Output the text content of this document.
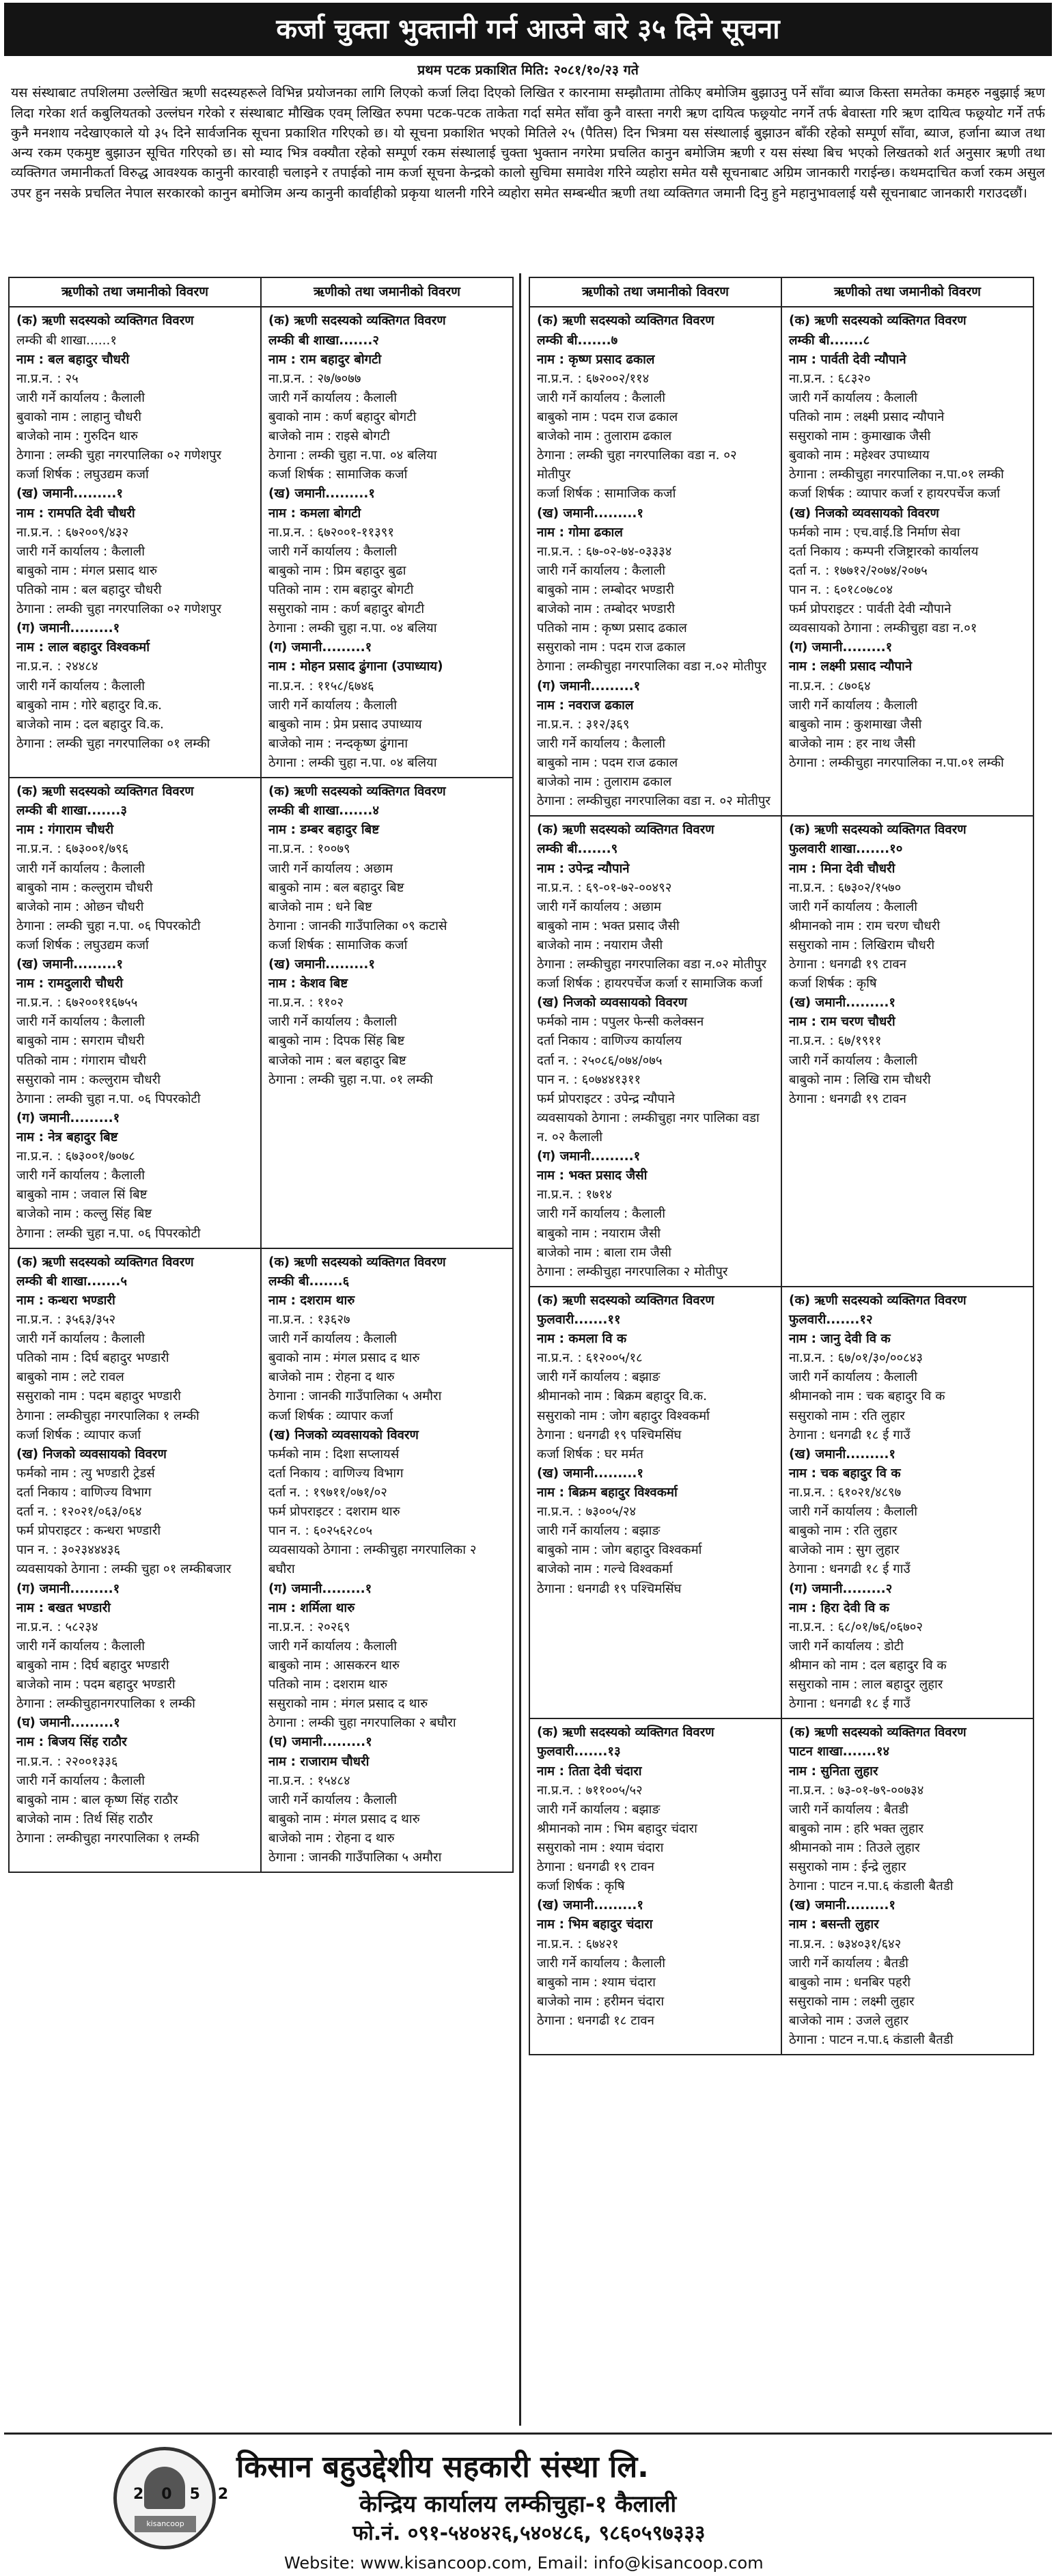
कर्जा चुक्ता भुक्तानी गर्न आउने बारे ३५ दिने सूचना
प्रथम पटक प्रकाशित मिति: २०८१/१०/२३ गते
यस संस्थाबाट तपशिलमा उल्लेखित ऋणी सदस्यहरूले विभिन्न प्रयोजनका लागि लिएको कर्जा लिदा दिएको लिखित र कारनामा सम्झौतामा तोकिए बमोजिम बुझाउनु पर्ने साँवा ब्याज किस्ता समतेका कमहरु नबुझाई ऋण लिदा गरेका शर्त कबुलियतको उल्लंघन गरेको र संस्थाबाट मौखिक एवम् लिखित रुपमा पटक-पटक ताकेता गर्दा समेत साँवा कुनै वास्ता नगरी ऋण दायित्व फछ्र्योट नगर्ने तर्फ बेवास्ता गरि ऋण दायित्व फछ्र्योट गर्ने तर्फ कुनै मनशाय नदेखाएकाले यो ३५ दिने सार्वजनिक सूचना प्रकाशित गरिएको छ। यो सूचना प्रकाशित भएको मितिले २५ (पैतिस) दिन भित्रमा यस संस्थालाई बुझाउन बाँकी रहेको सम्पूर्ण साँवा, ब्याज, हर्जाना ब्याज तथा अन्य रकम एकमुष्ट बुझाउन सूचित गरिएको छ। सो म्याद भित्र वक्यौता रहेको सम्पूर्ण रकम संस्थालाई चुक्ता भुक्तान नगरेमा प्रचलित कानुन बमोजिम ऋणी र यस संस्था बिच भएको लिखतको शर्त अनुसार ऋणी तथा व्यक्तिगत जमानीकर्ता विरुद्ध आवश्यक कानुनी कारवाही चलाइने र तपाईको नाम कर्जा सूचना केन्द्रको कालो सुचिमा समावेश गरिने व्यहोरा समेत यसै सूचनाबाट अग्रिम जानकारी गराईन्छ। कथमदाचित कर्जा रकम असुल उपर हुन नसके प्रचलित नेपाल सरकारको कानुन बमोजिम अन्य कानुनी कार्वाहीको प्रकृया थालनी गरिने व्यहोरा समेत सम्बन्धीत ऋणी तथा व्यक्तिगत जमानी दिनु हुने महानुभावलाई यसै सूचनाबाट जानकारी गराउदछौं।
ऋणीको तथा जमानीको विवरण	ऋणीको तथा जमानीको विवरण
(क) ऋणी सदस्यको व्यक्तिगत विवरण
लम्की बी शाखा......१
नाम : बल बहादुर चौधरी
ना.प्र.न. : २५
जारी गर्ने कार्यालय : कैलाली
बुवाको नाम : लाहानु चौधरी
बाजेको नाम : गुरुदिन थारु
ठेगाना : लम्की चुहा नगरपालिका ०२ गणेशपुर
कर्जा शिर्षक : लघुउद्यम कर्जा
(ख) जमानी.........१
नाम : रामपति देवी चौधरी
ना.प्र.न. : ६७२००९/४३२
जारी गर्ने कार्यालय : कैलाली
बाबुको नाम : मंगल प्रसाद थारु
पतिको नाम : बल बहादुर चौधरी
ठेगाना : लम्की चुहा नगरपालिका ०२ गणेशपुर
(ग) जमानी.........१
नाम : लाल बहादुर विश्वकर्मा
ना.प्र.न. : २४४८४
जारी गर्ने कार्यालय : कैलाली
बाबुको नाम : गोरे बहादुर वि.क.
बाजेको नाम : दल बहादुर वि.क.
ठेगाना : लम्की चुहा नगरपालिका ०१ लम्की
(क) ऋणी सदस्यको व्यक्तिगत विवरण
लम्की बी शाखा.......२
नाम : राम बहादुर बोगटी
ना.प्र.न. : २७/७०७७
जारी गर्ने कार्यालय : कैलाली
बुवाको नाम : कर्ण बहादुर बोगटी
बाजेको नाम : राइसे बोगटी
ठेगाना : लम्की चुहा न.पा. ०४ बलिया
कर्जा शिर्षक : सामाजिक कर्जा
(ख) जमानी.........१
नाम : कमला बोगटी
ना.प्र.न. : ६७२००१-११३९१
जारी गर्ने कार्यालय : कैलाली
बाबुको नाम : प्रिम बहादुर बुढा
पतिको नाम : राम बहादुर बोगटी
ससुराको नाम : कर्ण बहादुर बोगटी
ठेगाना : लम्की चुहा न.पा. ०४ बलिया
(ग) जमानी.........१
नाम : मोहन प्रसाद ढुंगाना (उपाध्याय)
ना.प्र.न. : ११५८/६७४६
जारी गर्ने कार्यालय : कैलाली
बाबुको नाम : प्रेम प्रसाद उपाध्याय
बाजेको नाम : नन्दकृष्ण ढुंगाना
ठेगाना : लम्की चुहा न.पा. ०४ बलिया
(क) ऋणी सदस्यको व्यक्तिगत विवरण
लम्की बी शाखा.......३
नाम : गंगाराम चौधरी
ना.प्र.न. : ६७३००१/७९६
जारी गर्ने कार्यालय : कैलाली
बाबुको नाम : कल्लुराम चौधरी
बाजेको नाम : ओछन चौधरी
ठेगाना : लम्की चुहा न.पा. ०६ पिपरकोटी
कर्जा शिर्षक : लघुउद्यम कर्जा
(ख) जमानी.........१
नाम : रामदुलारी चौधरी
ना.प्र.न. : ६७२००११६७५५
जारी गर्ने कार्यालय : कैलाली
बाबुको नाम : सगराम चौधरी
पतिको नाम : गंगाराम चौधरी
ससुराको नाम : कल्लुराम चौधरी
ठेगाना : लम्की चुहा न.पा. ०६ पिपरकोटी
(ग) जमानी.........१
नाम : नेत्र बहादुर बिष्ट
ना.प्र.न. : ६७३००१/७०७८
जारी गर्ने कार्यालय : कैलाली
बाबुको नाम : जवाल सिं बिष्ट
बाजेको नाम : कल्लु सिंह बिष्ट
ठेगाना : लम्की चुहा न.पा. ०६ पिपरकोटी
(क) ऋणी सदस्यको व्यक्तिगत विवरण
लम्की बी शाखा.......४
नाम : डम्बर बहादुर बिष्ट
ना.प्र.न. : १००७९
जारी गर्ने कार्यालय : अछाम
बाबुको नाम : बल बहादुर बिष्ट
बाजेको नाम : धने बिष्ट
ठेगाना : जानकी गाउँपालिका ०९ कटासे
कर्जा शिर्षक : सामाजिक कर्जा
(ख) जमानी.........१
नाम : केशव बिष्ट
ना.प्र.न. : ११०२
जारी गर्ने कार्यालय : कैलाली
बाबुको नाम : दिपक सिंह बिष्ट
बाजेको नाम : बल बहादुर बिष्ट
ठेगाना : लम्की चुहा न.पा. ०१ लम्की
(क) ऋणी सदस्यको व्यक्तिगत विवरण
लम्की बी शाखा.......५
नाम : कन्धरा भण्डारी
ना.प्र.न. : ३५६३/३५२
जारी गर्ने कार्यालय : कैलाली
पतिको नाम : दिर्घ बहादुर भण्डारी
बाबुको नाम : लटे रावल
ससुराको नाम : पदम बहादुर भण्डारी
ठेगाना : लम्कीचुहा नगरपालिका १ लम्की
कर्जा शिर्षक : व्यापार कर्जा
(ख) निजको व्यवसायको विवरण
फर्मको नाम : त्यु भण्डारी ट्रेडर्स
दर्ता निकाय : वाणिज्य विभाग
दर्ता न. : १२०२१/०६३/०६४
फर्म प्रोपराइटर : कन्धरा भण्डारी
पान न. : ३०२३४४४३६
व्यवसायको ठेगाना : लम्की चुहा ०१ लम्कीबजार
(ग) जमानी.........१
नाम : बखत भण्डारी
ना.प्र.न. : ५८२३४
जारी गर्ने कार्यालय : कैलाली
बाबुको नाम : दिर्घ बहादुर भण्डारी
बाजेको नाम : पदम बहादुर भण्डारी
ठेगाना : लम्कीचुहानगरपालिका १ लम्की
(घ) जमानी.........१
नाम : बिजय सिंह राठौर
ना.प्र.न. : २२००१३३६
जारी गर्ने कार्यालय : कैलाली
बाबुको नाम : बाल कृष्ण सिंह राठौर
बाजेको नाम : तिर्थ सिंह राठौर
ठेगाना : लम्कीचुहा नगरपालिका १ लम्की
(क) ऋणी सदस्यको व्यक्तिगत विवरण
लम्की बी.......६
नाम : दशराम थारु
ना.प्र.न. : १३६२७
जारी गर्ने कार्यालय : कैलाली
बुवाको नाम : मंगल प्रसाद द थारु
बाजेको नाम : रोहना द थारु
ठेगाना : जानकी गाउँपालिका ५ अमौरा
कर्जा शिर्षक : व्यापार कर्जा
(ख) निजको व्यवसायको विवरण
फर्मको नाम : दिशा सप्लायर्स
दर्ता निकाय : वाणिज्य विभाग
दर्ता न. : १९७११/०७१/०२
फर्म प्रोपराइटर : दशराम थारु
पान न. : ६०२५६२८०५
व्यवसायको ठेगाना : लम्कीचुहा नगरपालिका २ बघौरा
(ग) जमानी.........१
नाम : शर्मिला थारु
ना.प्र.न. : २०२६९
जारी गर्ने कार्यालय : कैलाली
बाबुको नाम : आसकरन थारु
पतिको नाम : दशराम थारु
ससुराको नाम : मंगल प्रसाद द थारु
ठेगाना : लम्की चुहा नगरपालिका २ बघौरा
(घ) जमानी.........१
नाम : राजाराम चौधरी
ना.प्र.न. : १५४८४
जारी गर्ने कार्यालय : कैलाली
बाबुको नाम : मंगल प्रसाद द थारु
बाजेको नाम : रोहना द थारु
ठेगाना : जानकी गाउँपालिका ५ अमौरा
ऋणीको तथा जमानीको विवरण	ऋणीको तथा जमानीको विवरण
(क) ऋणी सदस्यको व्यक्तिगत विवरण
लम्की बी.......७
नाम : कृष्ण प्रसाद ढकाल
ना.प्र.न. : ६७२००२/११४
जारी गर्ने कार्यालय : कैलाली
बाबुको नाम : पदम राज ढकाल
बाजेको नाम : तुलाराम ढकाल
ठेगाना : लम्की चुहा नगरपालिका वडा न. ०२ मोतीपुर
कर्जा शिर्षक : सामाजिक कर्जा
(ख) जमानी.........१
नाम : गोमा ढकाल
ना.प्र.न. : ६७-०२-७४-०३३३४
जारी गर्ने कार्यालय : कैलाली
बाबुको नाम : लम्बोदर भण्डारी
बाजेको नाम : तम्बोदर भण्डारी
पतिको नाम : कृष्ण प्रसाद ढकाल
ससुराको नाम : पदम राज ढकाल
ठेगाना : लम्कीचुहा नगरपालिका वडा न.०२ मोतीपुर
(ग) जमानी.........१
नाम : नवराज ढकाल
ना.प्र.न. : ३१२/३६९
जारी गर्ने कार्यालय : कैलाली
बाबुको नाम : पदम राज ढकाल
बाजेको नाम : तुलाराम ढकाल
ठेगाना : लम्कीचुहा नगरपालिका वडा न. ०२ मोतीपुर
(क) ऋणी सदस्यको व्यक्तिगत विवरण
लम्की बी.......८
नाम : पार्वती देवी न्यौपाने
ना.प्र.न. : ६८३२०
जारी गर्ने कार्यालय : कैलाली
पतिको नाम : लक्ष्मी प्रसाद न्यौपाने
ससुराको नाम : कुमाखाक जैसी
बुवाको नाम : महेश्वर उपाध्याय
ठेगाना : लम्कीचुहा नगरपालिका न.पा.०१ लम्की
कर्जा शिर्षक : व्यापार कर्जा र हायरपर्चेज कर्जा
(ख) निजको व्यवसायको विवरण
फर्मको नाम : एच.वाई.डि निर्माण सेवा
दर्ता निकाय : कम्पनी रजिष्ट्रारको कार्यालय
दर्ता न. : १७७१२/२०७४/२०७५
पान न. : ६०१८०७८०४
फर्म प्रोपराइटर : पार्वती देवी न्यौपाने
व्यवसायको ठेगाना : लम्कीचुहा वडा न.०१
(ग) जमानी.........१
नाम : लक्ष्मी प्रसाद न्यौपाने
ना.प्र.न. : ८७०६४
जारी गर्ने कार्यालय : कैलाली
बाबुको नाम : कुशमाखा जैसी
बाजेको नाम : हर नाथ जैसी
ठेगाना : लम्कीचुहा नगरपालिका न.पा.०१ लम्की
(क) ऋणी सदस्यको व्यक्तिगत विवरण
लम्की बी.......९
नाम : उपेन्द्र न्यौपाने
ना.प्र.न. : ६९-०१-७२-००४९२
जारी गर्ने कार्यालय : अछाम
बाबुको नाम : भक्त प्रसाद जैसी
बाजेको नाम : नयाराम जैसी
ठेगाना : लम्कीचुहा नगरपालिका वडा न.०२ मोतीपुर
कर्जा शिर्षक : हायरपर्चेज कर्जा र सामाजिक कर्जा
(ख) निजको व्यवसायको विवरण
फर्मको नाम : पपुलर फेन्सी कलेक्सन
दर्ता निकाय : वाणिज्य कार्यालय
दर्ता न. : २५०८६/०७४/०७५
पान न. : ६०७४४१३११
फर्म प्रोपराइटर : उपेन्द्र न्यौपाने
व्यवसायको ठेगाना : लम्कीचुहा नगर पालिका वडा न. ०२ कैलाली
(ग) जमानी.........१
नाम : भक्त प्रसाद जैसी
ना.प्र.न. : १७१४
जारी गर्ने कार्यालय : कैलाली
बाबुको नाम : नयाराम जैसी
बाजेको नाम : बाला राम जैसी
ठेगाना : लम्कीचुहा नगरपालिका २ मोतीपुर
(क) ऋणी सदस्यको व्यक्तिगत विवरण
फुलवारी शाखा.......१०
नाम : मिना देवी चौधरी
ना.प्र.न. : ६७३०२/१५७०
जारी गर्ने कार्यालय : कैलाली
श्रीमानको नाम : राम चरण चौधरी
ससुराको नाम : लिखिराम चौधरी
ठेगाना : धनगढी १९ टावन
कर्जा शिर्षक : कृषि
(ख) जमानी.........१
नाम : राम चरण चौधरी
ना.प्र.न. : ६७/१९११
जारी गर्ने कार्यालय : कैलाली
बाबुको नाम : लिखि राम चौधरी
ठेगाना : धनगढी १९ टावन
(क) ऋणी सदस्यको व्यक्तिगत विवरण
फुलवारी.......११
नाम : कमला वि क
ना.प्र.न. : ६१२००५/१८
जारी गर्ने कार्यालय : बझाङ
श्रीमानको नाम : बिक्रम बहादुर वि.क.
ससुराको नाम : जोग बहादुर विश्वकर्मा
ठेगाना : धनगढी १९ पश्चिमसिंघ
कर्जा शिर्षक : घर मर्मत
(ख) जमानी.........१
नाम : बिक्रम बहादुर विश्वकर्मा
ना.प्र.न. : ७३००५/२४
जारी गर्ने कार्यालय : बझाङ
बाबुको नाम : जोग बहादुर विश्वकर्मा
बाजेको नाम : गल्चे विश्वकर्मा
ठेगाना : धनगढी १९ पश्चिमसिंघ
(क) ऋणी सदस्यको व्यक्तिगत विवरण
फुलवारी.......१२
नाम : जानु देवी वि क
ना.प्र.न. : ६७/०१/३०/००८४३
जारी गर्ने कार्यालय : कैलाली
श्रीमानको नाम : चक बहादुर वि क
ससुराको नाम : रति लुहार
ठेगाना : धनगढी १८ ई गाउँ
(ख) जमानी.........१
नाम : चक बहादुर वि क
ना.प्र.न. : ६१०२१/४८९७
जारी गर्ने कार्यालय : कैलाली
बाबुको नाम : रति लुहार
बाजेको नाम : सुग लुहार
ठेगाना : धनगढी १८ ई गाउँ
(ग) जमानी.........२
नाम : हिरा देवी वि क
ना.प्र.न. : ६८/०१/७६/०६७०२
जारी गर्ने कार्यालय : डोटी
श्रीमान को नाम : दल बहादुर वि क
ससुराको नाम : लाल बहादुर लुहार
ठेगाना : धनगढी १८ ई गाउँ
(क) ऋणी सदस्यको व्यक्तिगत विवरण
फुलवारी.......१३
नाम : तिता देवी चंदारा
ना.प्र.न. : ७११००५/५२
जारी गर्ने कार्यालय : बझाङ
श्रीमानको नाम : भिम बहादुर चंदारा
ससुराको नाम : श्याम चंदारा
ठेगाना : धनगढी १९ टावन
कर्जा शिर्षक : कृषि
(ख) जमानी.........१
नाम : भिम बहादुर चंदारा
ना.प्र.न. : ६७४२१
जारी गर्ने कार्यालय : कैलाली
बाबुको नाम : श्याम चंदारा
बाजेको नाम : हरीमन चंदारा
ठेगाना : धनगढी १८ टावन
(क) ऋणी सदस्यको व्यक्तिगत विवरण
पाटन शाखा.......१४
नाम : सुनिता लुहार
ना.प्र.न. : ७३-०१-७९-००७३४
जारी गर्ने कार्यालय : बैतडी
बाबुको नाम : हरि भक्त लुहार
श्रीमानको नाम : तिउले लुहार
ससुराको नाम : ईन्द्रे लुहार
ठेगाना : पाटन न.पा.६ कंडाली बैतडी
(ख) जमानी.........१
नाम : बसन्ती लुहार
ना.प्र.न. : ७३४०३१/६४२
जारी गर्ने कार्यालय : बैतडी
बाबुको नाम : धनबिर पहरी
ससुराको नाम : लक्ष्मी लुहार
बाजेको नाम : उजले लुहार
ठेगाना : पाटन न.पा.६ कंडाली बैतडी
2052
kisancoop
किसान बहुउद्देशीय सहकारी संस्था लि.
केन्द्रिय कार्यालय लम्कीचुहा-१ कैलाली
फो.नं. ०९१-५४०४२६,५४०४८६, ९८६०५९७३३३
Website: www.kisancoop.com, Email: info@kisancoop.com
